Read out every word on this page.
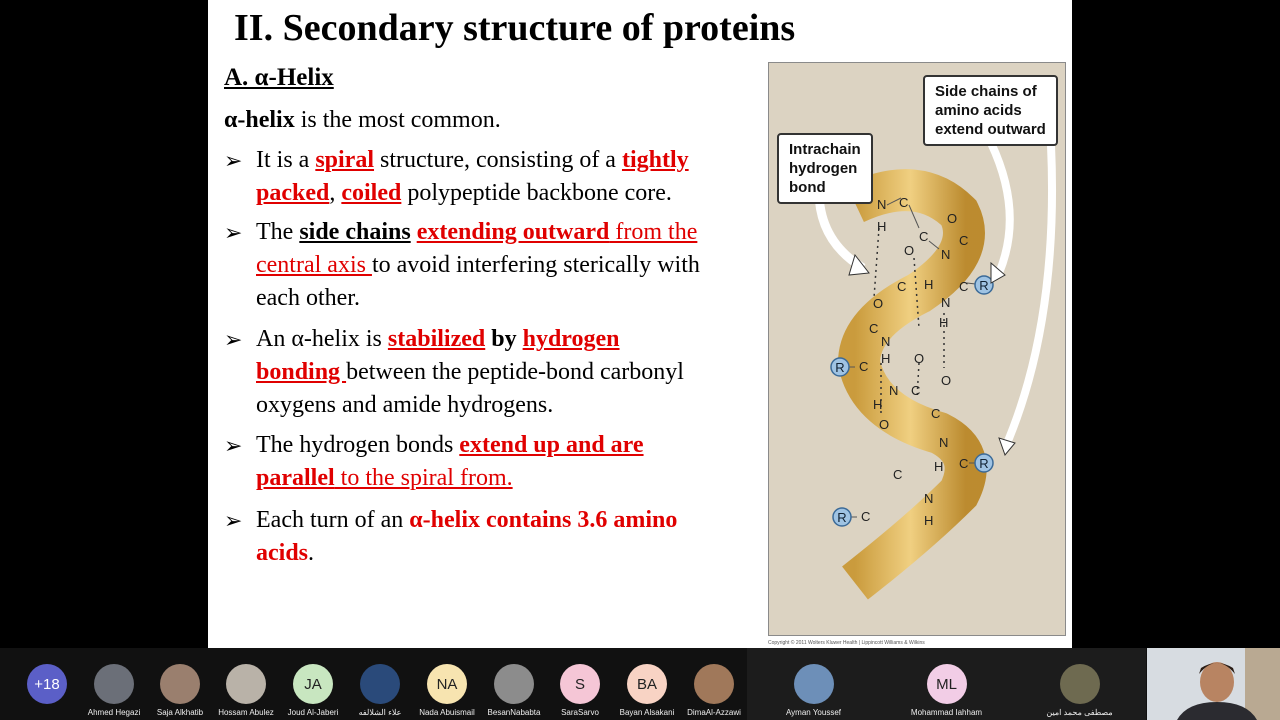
II. Secondary structure of proteins
A. α-Helix
α-helix is the most common.
➢ It is a spiral structure, consisting of a tightly
packed, coiled polypeptide backbone core.
➢ The side chains extending outward from the
central axis to avoid interfering sterically with
each other.
➢ An α-helix is stabilized by hydrogen
bonding between the peptide-bond carbonyl
oxygens and amide hydrogens.
➢ The hydrogen bonds extend up and are
parallel to the spiral from.
➢ Each turn of an α-helix contains 3.6 amino
acids.
N
H
C
O
C
O N
C
H C
C
O	N
C	H
N
H
C
O
N C
O
H
O
C
N
H C
C
N
H
C
R
R
R
R
Intrachain
hydrogen
bond
Side chains of
amino acids
extend outward
Copyright © 2011 Wolters Kluwer Health | Lippincott Williams & Wilkins
+18
Ahmed Hegazi	Saja Alkhatib	Hossam Abulez
JA
Joud Al-Jaberi	علاء الشلالفه
NA
Nada Abuismail	BesanNababta
S
SaraSarvo
BA
Bayan Alsakani	DimaAl-Azzawi	Ayman Youssef
ML
Mohammad Iahham	مصطفى محمد امين
